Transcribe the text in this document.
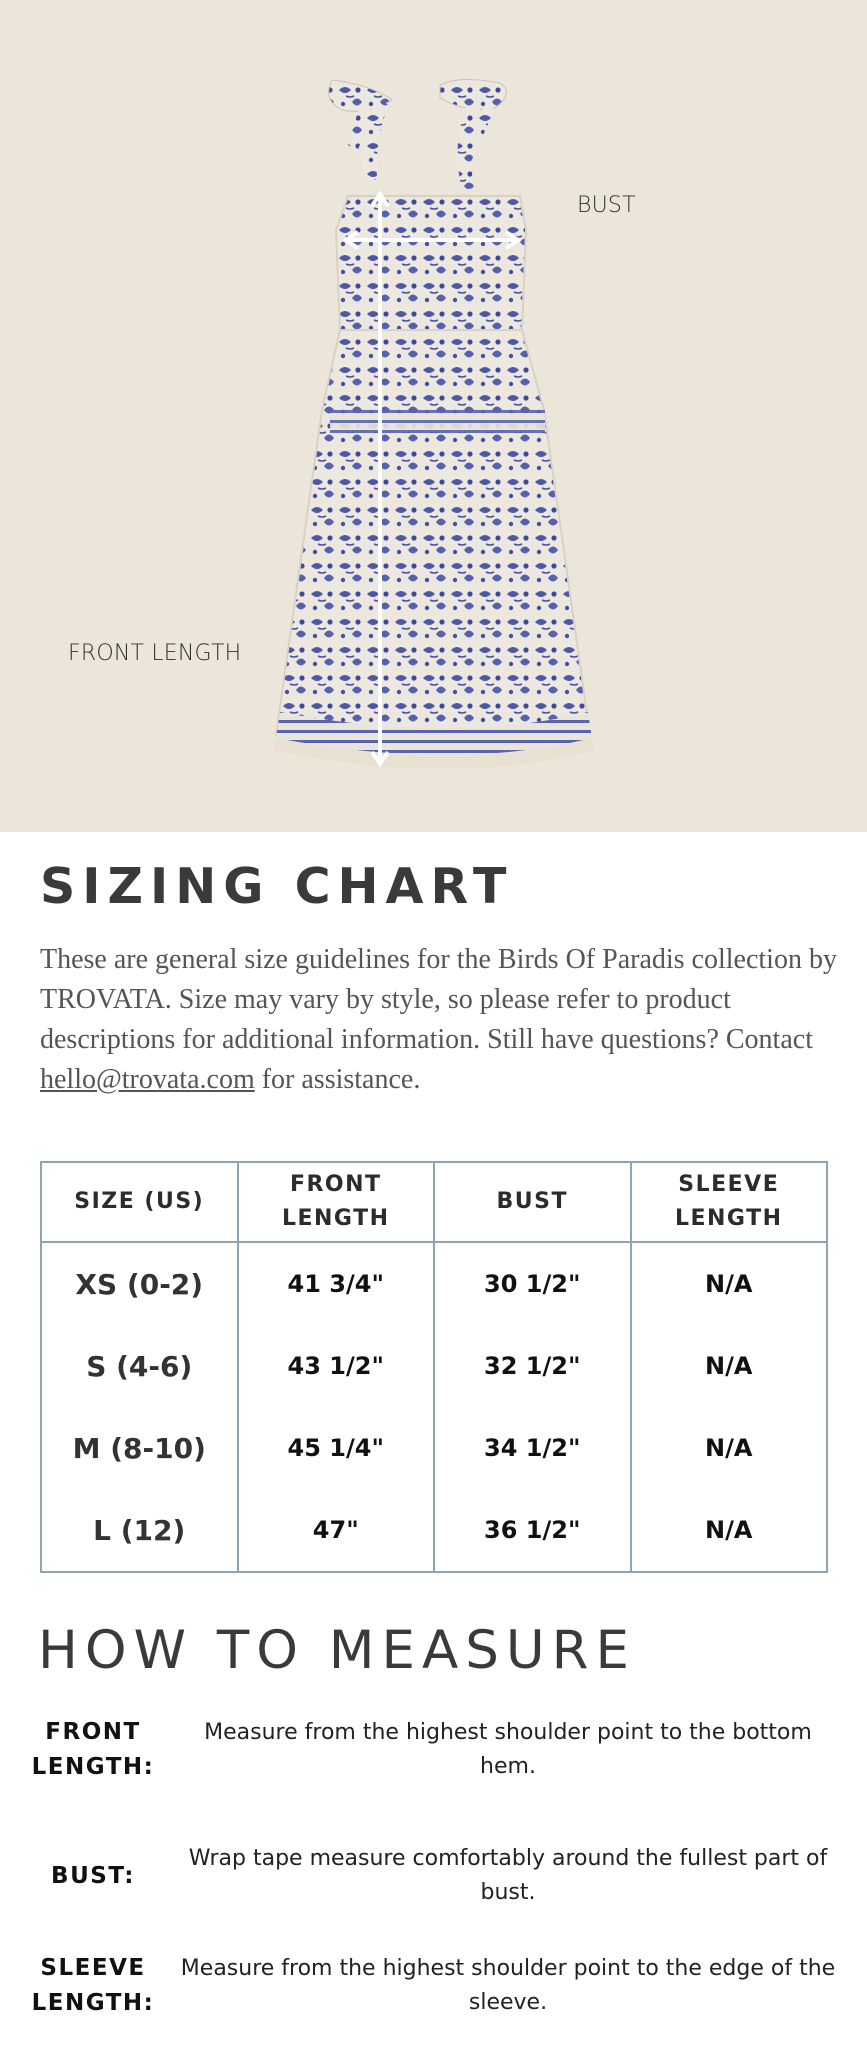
BUST
FRONT LENGTH
SIZING CHART

These are general size guidelines for the Birds Of Paradis collection by TROVATA. Size may vary by style, so please refer to product descriptions for additional information. Still have questions? Contact hello@trovata.com for assistance.

SIZE (US)	FRONT LENGTH	BUST	SLEEVE LENGTH
XS (0-2)	41 3/4"	30 1/2"	N/A
S (4-6)	43 1/2"	32 1/2"	N/A
M (8-10)	45 1/4"	34 1/2"	N/A
L (12)	47"	36 1/2"	N/A
HOW TO MEASURE
FRONT LENGTH:
Measure from the highest shoulder point to the bottom hem.
BUST:
Wrap tape measure comfortably around the fullest part of bust.
SLEEVE LENGTH:
Measure from the highest shoulder point to the edge of the sleeve.
